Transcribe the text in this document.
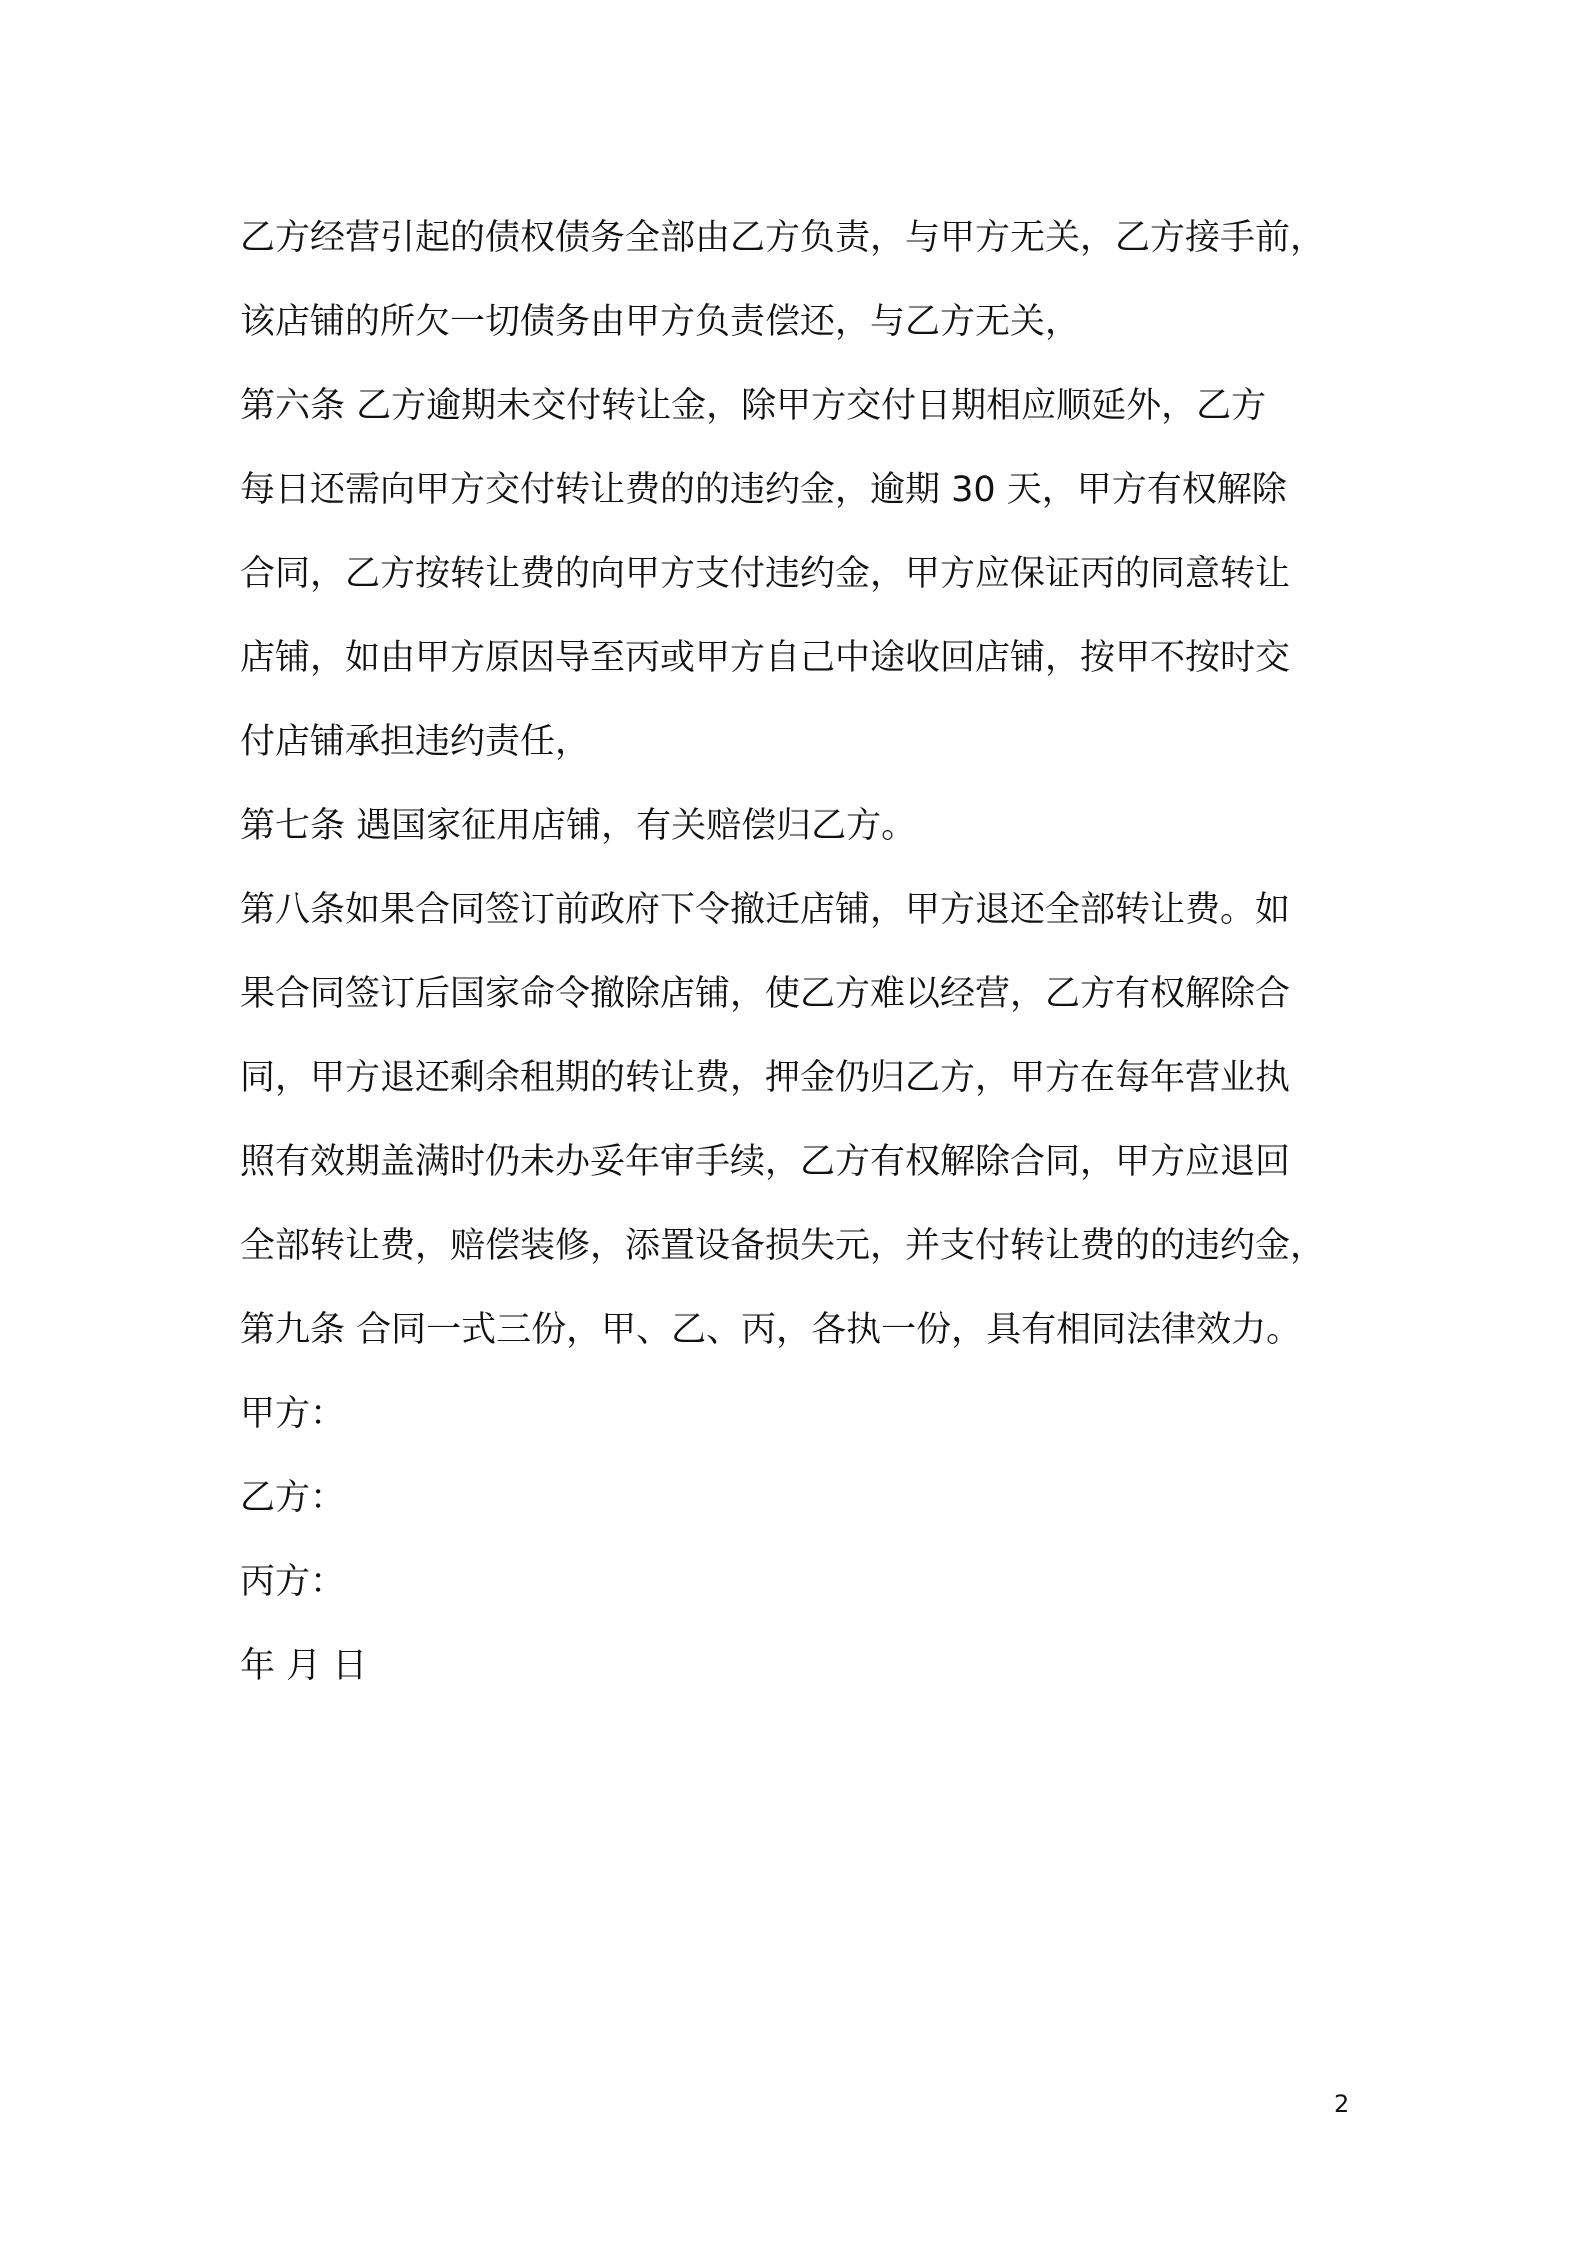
乙方经营引起的债权债务全部由乙方负责，与甲方无关，乙方接手前，

该店铺的所欠一切债务由甲方负责偿还，与乙方无关，

第六条 乙方逾期未交付转让金，除甲方交付日期相应顺延外，乙方

每日还需向甲方交付转让费的的违约金，逾期 30 天，甲方有权解除

合同，乙方按转让费的向甲方支付违约金，甲方应保证丙的同意转让

店铺，如由甲方原因导至丙或甲方自己中途收回店铺，按甲不按时交

付店铺承担违约责任，

第七条 遇国家征用店铺，有关赔偿归乙方。

第八条如果合同签订前政府下令撤迁店铺，甲方退还全部转让费。如

果合同签订后国家命令撤除店铺，使乙方难以经营，乙方有权解除合

同，甲方退还剩余租期的转让费，押金仍归乙方，甲方在每年营业执

照有效期盖满时仍未办妥年审手续，乙方有权解除合同，甲方应退回

全部转让费，赔偿装修，添置设备损失元，并支付转让费的的违约金，

第九条 合同一式三份，甲、乙、丙，各执一份，具有相同法律效力。

甲方：

乙方：

丙方：

年 月 日

2
